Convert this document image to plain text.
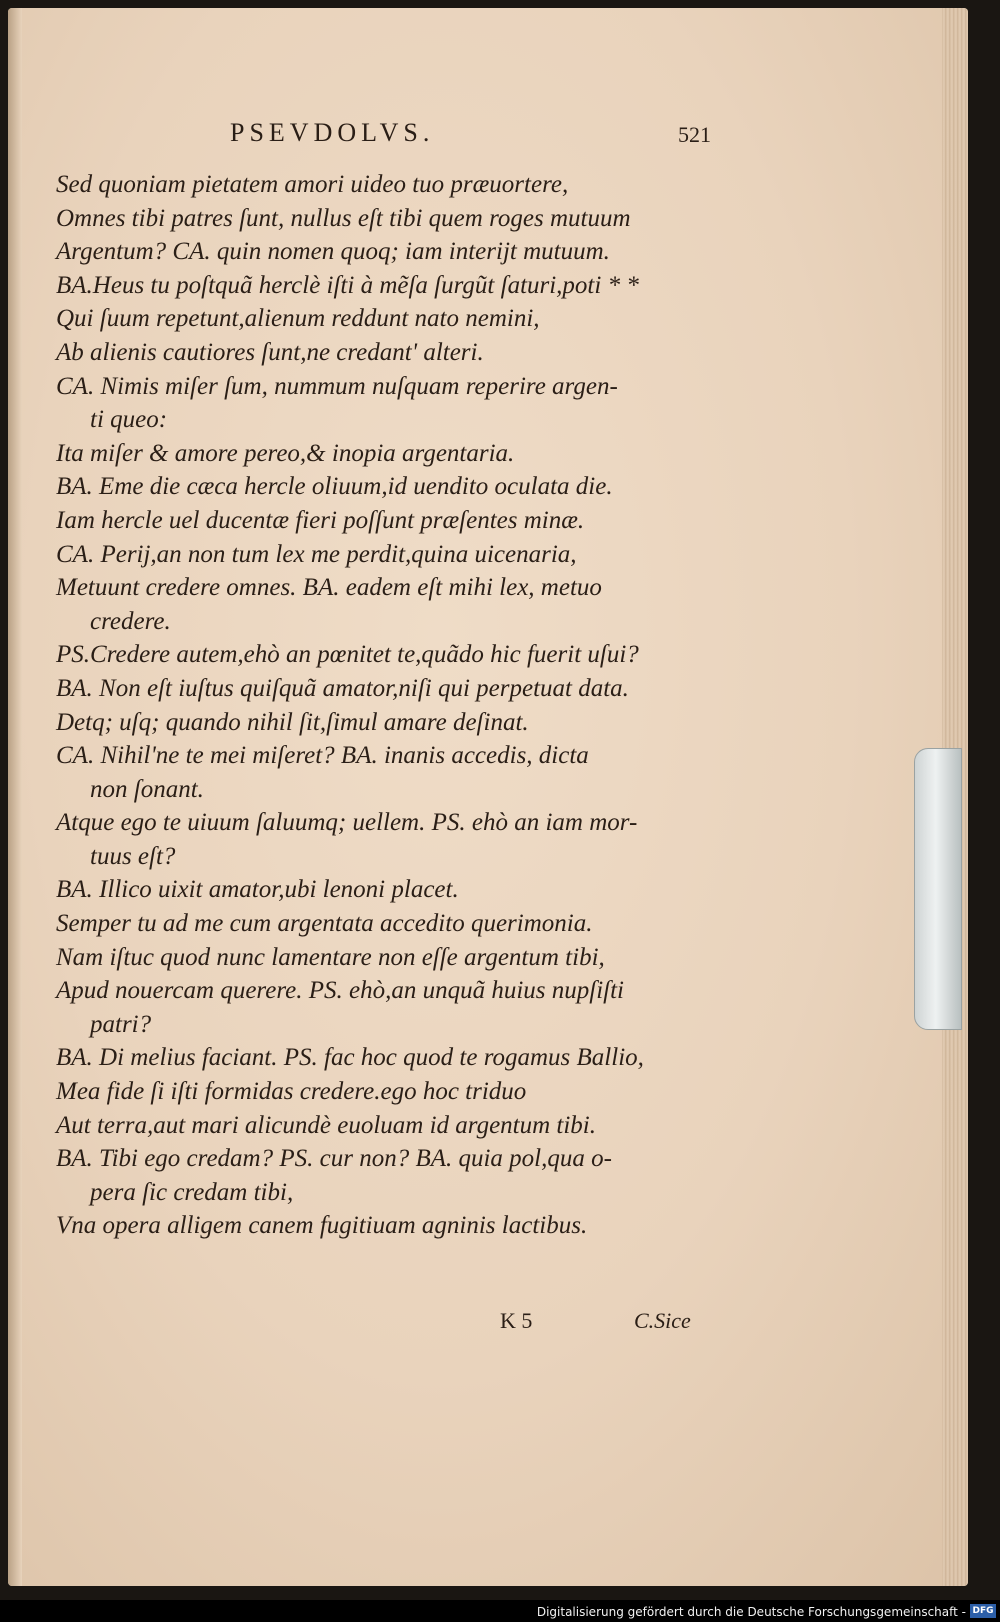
PSEVDOLVS.	521
Sed quoniam pietatem amori uideo tuo præuortere,
Omnes tibi patres ſunt, nullus eſt tibi quem roges mutuum
Argentum? CA. quin nomen quoq; iam interijt mutuum.
BA.Heus tu poſtquã herclè iſti à mẽſa ſurgũt ſaturi,poti * *
Qui ſuum repetunt,alienum reddunt nato nemini,
Ab alienis cautiores ſunt,ne credant' alteri.
CA. Nimis miſer ſum, nummum nuſquam reperire argen-
ti queo:
Ita miſer & amore pereo,& inopia argentaria.
BA. Eme die cæca hercle oliuum,id uendito oculata die.
Iam hercle uel ducentæ fieri poſſunt præſentes minæ.
CA. Perij,an non tum lex me perdit,quina uicenaria,
Metuunt credere omnes. BA. eadem eſt mihi lex, metuo
credere.
PS.Credere autem,ehò an pœnitet te,quãdo hic fuerit uſui?
BA. Non eſt iuſtus quiſquã amator,niſi qui perpetuat data.
Detq; uſq; quando nihil ſit,ſimul amare deſinat.
CA. Nihil'ne te mei miſeret? BA. inanis accedis, dicta
non ſonant.
Atque ego te uiuum ſaluumq; uellem. PS. ehò an iam mor-
tuus eſt?
BA. Illico uixit amator,ubi lenoni placet.
Semper tu ad me cum argentata accedito querimonia.
Nam iſtuc quod nunc lamentare non eſſe argentum tibi,
Apud nouercam querere. PS. ehò,an unquã huius nupſiſti
patri?
BA. Di melius faciant. PS. fac hoc quod te rogamus Ballio,
Mea fide ſi iſti formidas credere.ego hoc triduo
Aut terra,aut mari alicundè euoluam id argentum tibi.
BA. Tibi ego credam? PS. cur non? BA. quia pol,qua o-
pera ſic credam tibi,
Vna opera alligem canem fugitiuam agninis lactibus.
K 5	C.Sice
Digitalisierung gefördert durch die Deutsche Forschungsgemeinschaft - DFG
